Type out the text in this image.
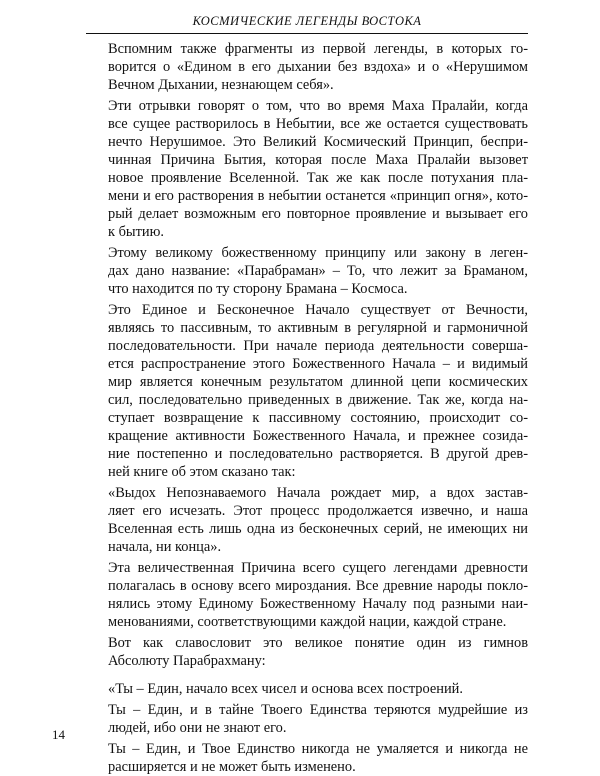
КОСМИЧЕСКИЕ ЛЕГЕНДЫ ВОСТОКА

Вспомним также фрагменты из первой легенды, в которых го-
ворится о «Едином в его дыхании без вздоха» и о «Нерушимом
Вечном Дыхании, незнающем себя».

Эти отрывки говорят о том, что во время Маха Пралайи, когда
все сущее растворилось в Небытии, все же остается существовать
нечто Нерушимое. Это Великий Космический Принцип, беспри-
чинная Причина Бытия, которая после Маха Пралайи вызовет
новое проявление Вселенной. Так же как после потухания пла-
мени и его растворения в небытии останется «принцип огня», кото-
рый делает возможным его повторное проявление и вызывает его
к бытию.

Этому великому божественному принципу или закону в леген-
дах дано название: «Парабраман» – То, что лежит за Браманом,
что находится по ту сторону Брамана – Космоса.

Это Единое и Бесконечное Начало существует от Вечности,
являясь то пассивным, то активным в регулярной и гармоничной
последовательности. При начале периода деятельности соверша-
ется распространение этого Божественного Начала – и видимый
мир является конечным результатом длинной цепи космических
сил, последовательно приведенных в движение. Так же, когда на-
ступает возвращение к пассивному состоянию, происходит со-
кращение активности Божественного Начала, и прежнее созида-
ние постепенно и последовательно растворяется. В другой древ-
ней книге об этом сказано так:

«Выдох Непознаваемого Начала рождает мир, а вдох застав-
ляет его исчезать. Этот процесс продолжается извечно, и наша
Вселенная есть лишь одна из бесконечных серий, не имеющих ни
начала, ни конца».

Эта величественная Причина всего сущего легендами древности
полагалась в основу всего мироздания. Все древние народы покло-
нялись этому Единому Божественному Началу под разными наи-
менованиями, соответствующими каждой нации, каждой стране.

Вот как славословит это великое понятие один из гимнов
Абсолюту Парабрахману:

«Ты – Един, начало всех чисел и основа всех построений.

Ты – Един, и в тайне Твоего Единства теряются мудрейшие из
людей, ибо они не знают его.

Ты – Един, и Твое Единство никогда не умаляется и никогда не
расширяется и не может быть изменено.

14
